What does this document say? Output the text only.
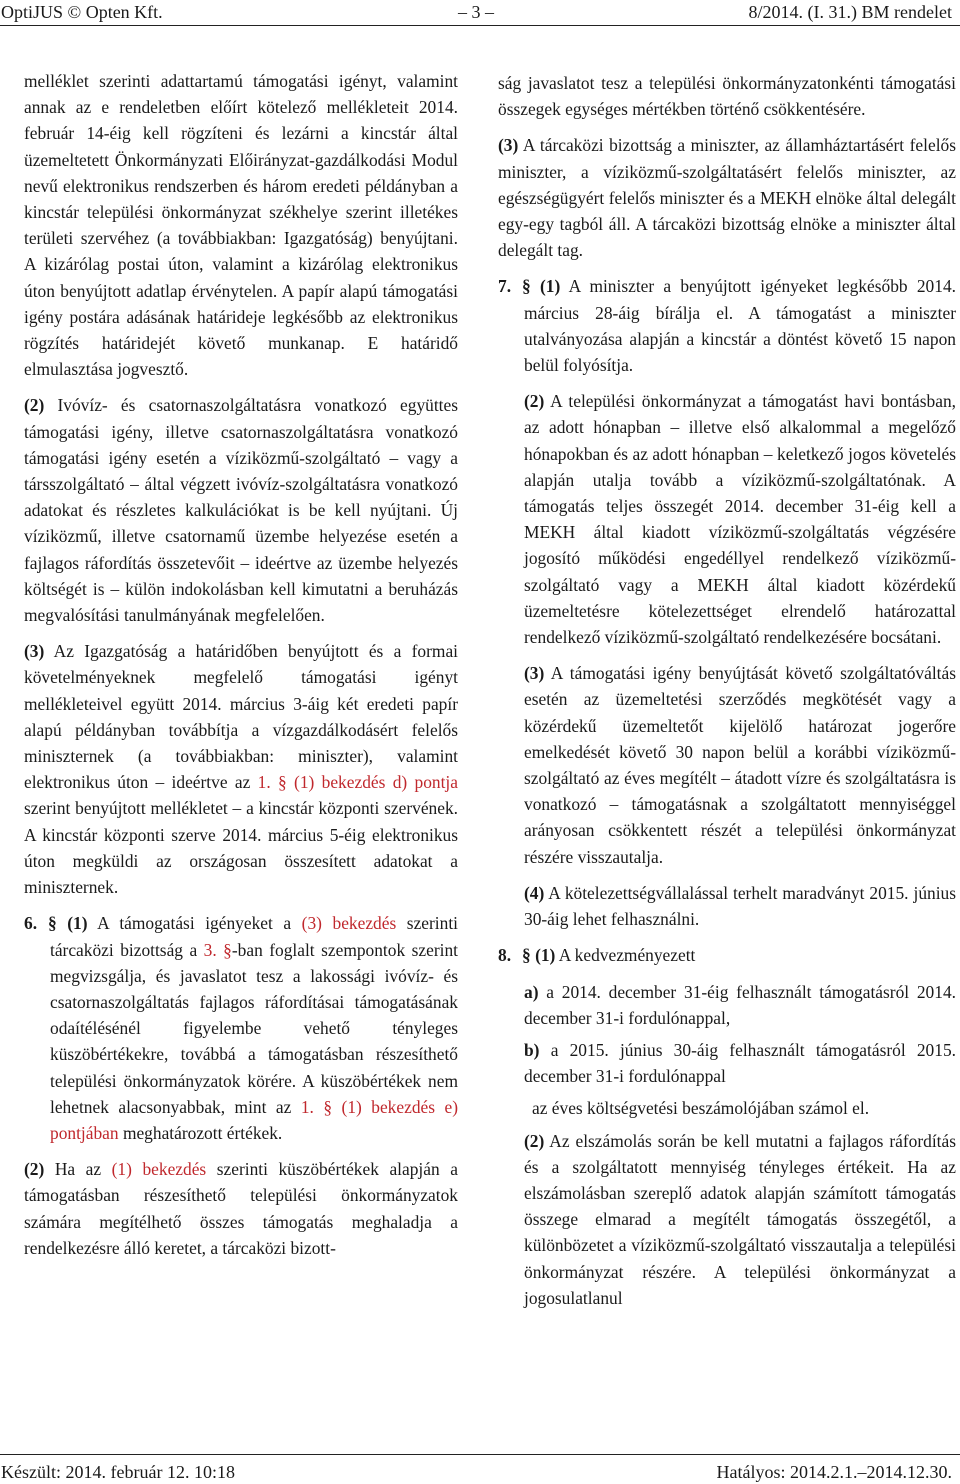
OptiJUS © Opten Kft.	– 3 –	8/2014. (I. 31.) BM rendelet

melléklet szerinti adattartamú támogatási igényt, valamint annak az e rendeletben előírt kötelező mellékleteit 2014. február 14-éig kell rögzíteni és lezárni a kincstár által üzemeltetett Önkormányzati Előirányzat-gazdálkodási Modul nevű elektronikus rendszerben és három eredeti példányban a kincstár települési önkormányzat székhelye szerint illetékes területi szervéhez (a továbbiakban: Igazgatóság) benyújtani. A kizárólag postai úton, valamint a kizárólag elektronikus úton benyújtott adatlap érvénytelen. A papír alapú támogatási igény postára adásának határideje legkésőbb az elektronikus rögzítés határidejét követő munkanap. E határidő elmulasztása jogvesztő.

(2) Ivóvíz- és csatornaszolgáltatásra vonatkozó együttes támogatási igény, illetve csatornaszolgáltatásra vonatkozó támogatási igény esetén a víziközmű-szolgáltató – vagy a társszolgáltató – által végzett ivóvíz-szolgáltatásra vonatkozó adatokat és részletes kalkulációkat is be kell nyújtani. Új víziközmű, illetve csatornamű üzembe helyezése esetén a fajlagos ráfordítás összetevőit – ideértve az üzembe helyezés költségét is – külön indokolásban kell kimutatni a beruházás megvalósítási tanulmányának megfelelően.

(3) Az Igazgatóság a határidőben benyújtott és a formai követelményeknek megfelelő támogatási igényt mellékleteivel együtt 2014. március 3-áig két eredeti papír alapú példányban továbbítja a vízgazdálkodásért felelős miniszternek (a továbbiakban: miniszter), valamint elektronikus úton – ideértve az 1. § (1) bekezdés d) pontja szerint benyújtott mellékletet – a kincstár központi szervének. A kincstár központi szerve 2014. március 5-éig elektronikus úton megküldi az országosan összesített adatokat a miniszternek.

6. § (1) A támogatási igényeket a (3) bekezdés szerinti tárcaközi bizottság a 3. §-ban foglalt szempontok szerint megvizsgálja, és javaslatot tesz a lakossági ivóvíz- és csatornaszolgáltatás fajlagos ráfordításai támogatásának odaítélésénél figyelembe vehető tényleges küszöbértékekre, továbbá a támogatásban részesíthető települési önkormányzatok körére. A küszöbértékek nem lehetnek alacsonyabbak, mint az 1. § (1) bekezdés e) pontjában meghatározott értékek.

(2) Ha az (1) bekezdés szerinti küszöbértékek alapján a támogatásban részesíthető települési önkormányzatok számára megítélhető összes támogatás meghaladja a rendelkezésre álló keretet, a tárcaközi bizott-

ság javaslatot tesz a települési önkormányzatonkénti támogatási összegek egységes mértékben történő csökkentésére.

(3) A tárcaközi bizottság a miniszter, az államháztartásért felelős miniszter, a víziközmű-szolgáltatásért felelős miniszter, az egészségügyért felelős miniszter és a MEKH elnöke által delegált egy-egy tagból áll. A tárcaközi bizottság elnöke a miniszter által delegált tag.

7. § (1) A miniszter a benyújtott igényeket legkésőbb 2014. március 28-áig bírálja el. A támogatást a miniszter utalványozása alapján a kincstár a döntést követő 15 napon belül folyósítja.

(2) A települési önkormányzat a támogatást havi bontásban, az adott hónapban – illetve első alkalommal a megelőző hónapokban és az adott hónapban – keletkező jogos követelés alapján utalja tovább a víziközmű-szolgáltatónak. A támogatás teljes összegét 2014. december 31-éig kell a MEKH által kiadott víziközmű-szolgáltatás végzésére jogosító működési engedéllyel rendelkező víziközmű-szolgáltató vagy a MEKH által kiadott közérdekű üzemeltetésre kötelezettséget elrendelő határozattal rendelkező víziközmű-szolgáltató rendelkezésére bocsátani.

(3) A támogatási igény benyújtását követő szolgáltatóváltás esetén az üzemeltetési szerződés megkötését vagy a közérdekű üzemeltetőt kijelölő határozat jogerőre emelkedését követő 30 napon belül a korábbi víziközmű- szolgáltató az éves megítélt – átadott vízre és szolgáltatásra is vonatkozó – támogatásnak a szolgáltatott mennyiséggel arányosan csökkentett részét a települési önkormányzat részére visszautalja.

(4) A kötelezettségvállalással terhelt maradványt 2015. június 30-áig lehet felhasználni.

8. § (1) A kedvezményezett

a) a 2014. december 31-éig felhasznált támogatásról 2014. december 31-i fordulónappal,

b) a 2015. június 30-áig felhasznált támogatásról 2015. december 31-i fordulónappal

az éves költségvetési beszámolójában számol el.

(2) Az elszámolás során be kell mutatni a fajlagos ráfordítás és a szolgáltatott mennyiség tényleges értékeit. Ha az elszámolásban szereplő adatok alapján számított támogatás összege elmarad a megítélt támogatás összegétől, a különbözetet a víziközmű-szolgáltató visszautalja a települési önkormányzat részére. A települési önkormányzat a jogosulatlanul

Készült: 2014. február 12. 10:18	Hatályos: 2014.2.1.–2014.12.30.
